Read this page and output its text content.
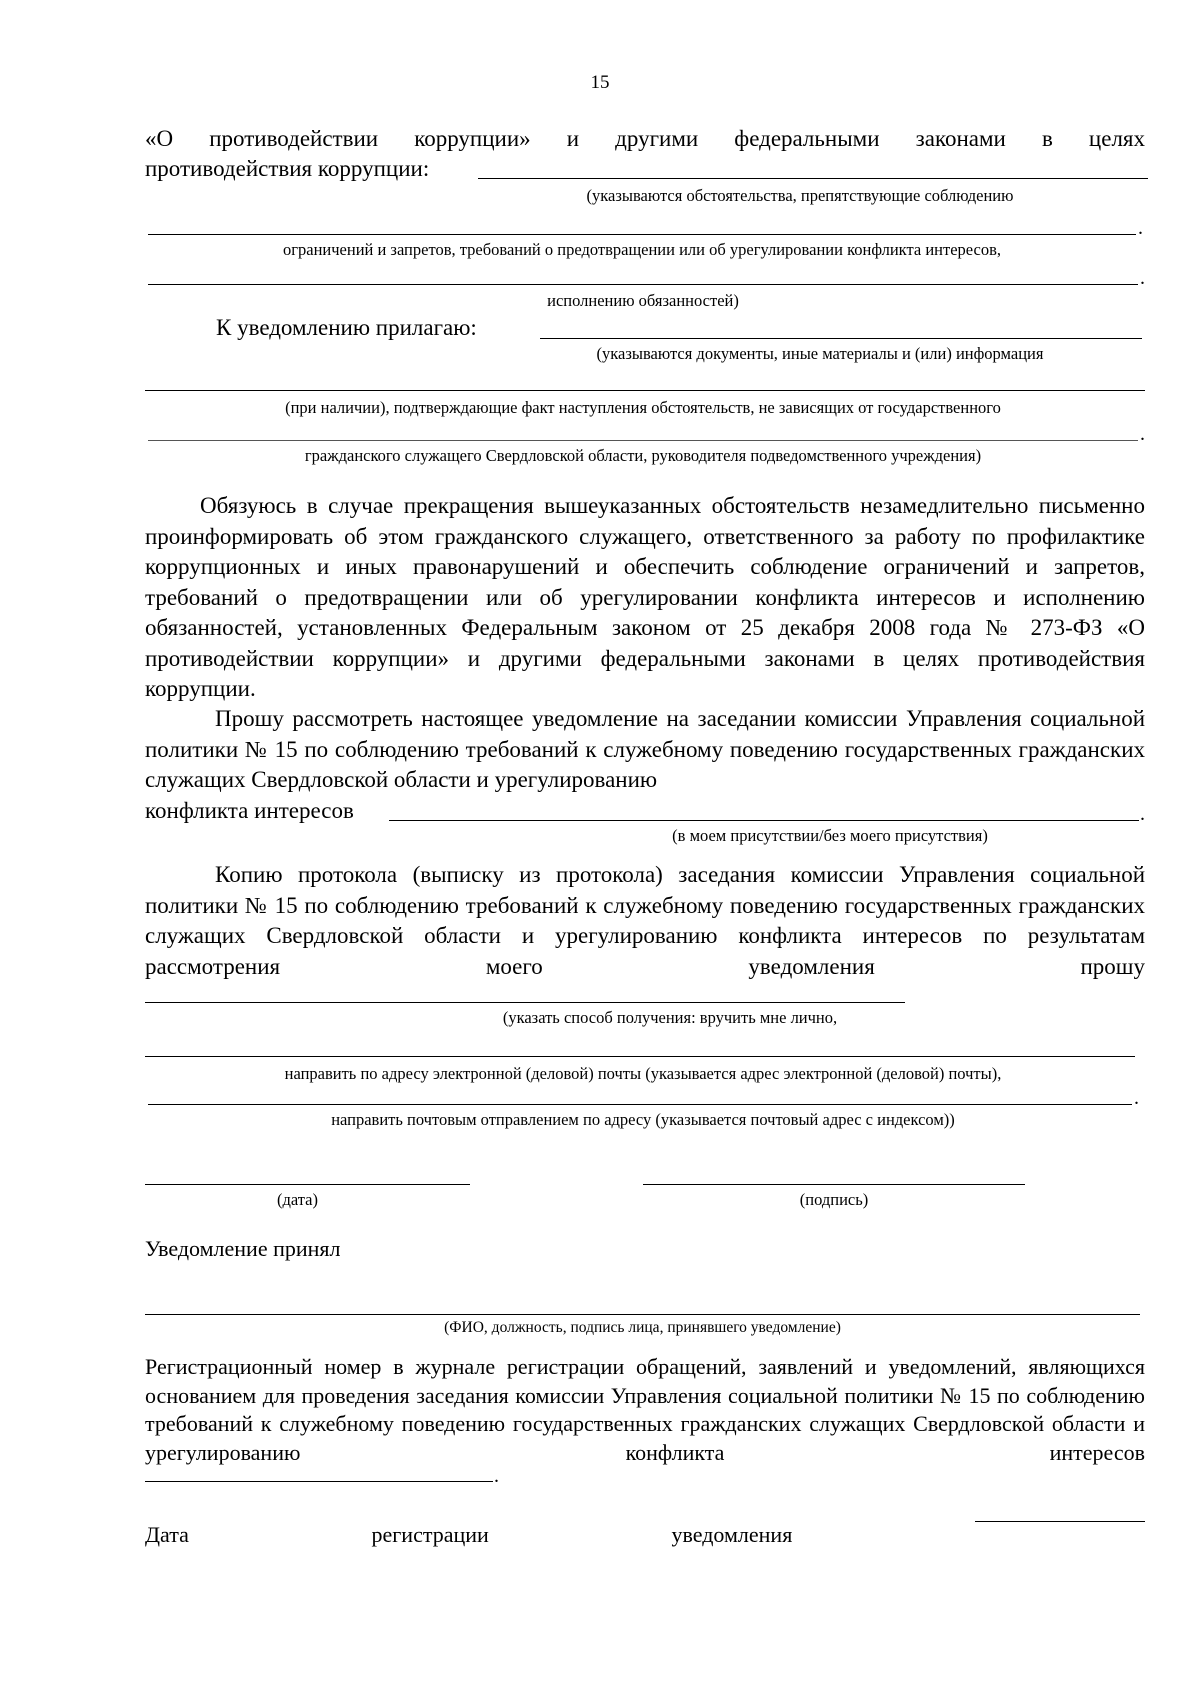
15
«О противодействии коррупции» и другими федеральными законами в целях
противодействия коррупции:
(указываются обстоятельства, препятствующие соблюдению
.
ограничений и запретов, требований о предотвращении или об урегулировании конфликта интересов,
.
исполнению обязанностей)
К уведомлению прилагаю:
(указываются документы, иные материалы и (или) информация
(при наличии), подтверждающие факт наступления обстоятельств, не зависящих от государственного
.
гражданского служащего Свердловской области, руководителя подведомственного учреждения)
Обязуюсь в случае прекращения вышеуказанных обстоятельств незамедлительно письменно проинформировать об этом гражданского служащего, ответственного за работу по профилактике коррупционных и иных правонарушений и обеспечить соблюдение ограничений и запретов, требований о предотвращении или об урегулировании конфликта интересов и исполнению обязанностей, установленных Федеральным законом от 25 декабря 2008 года № 273-ФЗ «О противодействии коррупции» и другими федеральными законами в целях противодействия коррупции.
Прошу рассмотреть настоящее уведомление на заседании комиссии Управления социальной политики № 15 по соблюдению требований к служебному поведению государственных гражданских служащих Свердловской области и урегулированию
конфликта интересов	.
(в моем присутствии/без моего присутствия)
Копию протокола (выписку из протокола) заседания комиссии Управления социальной политики № 15 по соблюдению требований к служебному поведению государственных гражданских служащих Свердловской области и урегулированию конфликта интересов по результатам рассмотрения моего уведомления прошу
(указать способ получения: вручить мне лично,
направить по адресу электронной (деловой) почты (указывается адрес электронной (деловой) почты),
.
направить почтовым отправлением по адресу (указывается почтовый адрес с индексом))
(дата)	(подпись)
Уведомление принял
(ФИО, должность, подпись лица, принявшего уведомление)
Регистрационный номер в журнале регистрации обращений, заявлений и уведомлений, являющихся основанием для проведения заседания комиссии Управления социальной политики № 15 по соблюдению требований к служебному поведению государственных гражданских служащих Свердловской области и урегулированию конфликта интересов
.
Дата	регистрации	уведомления
